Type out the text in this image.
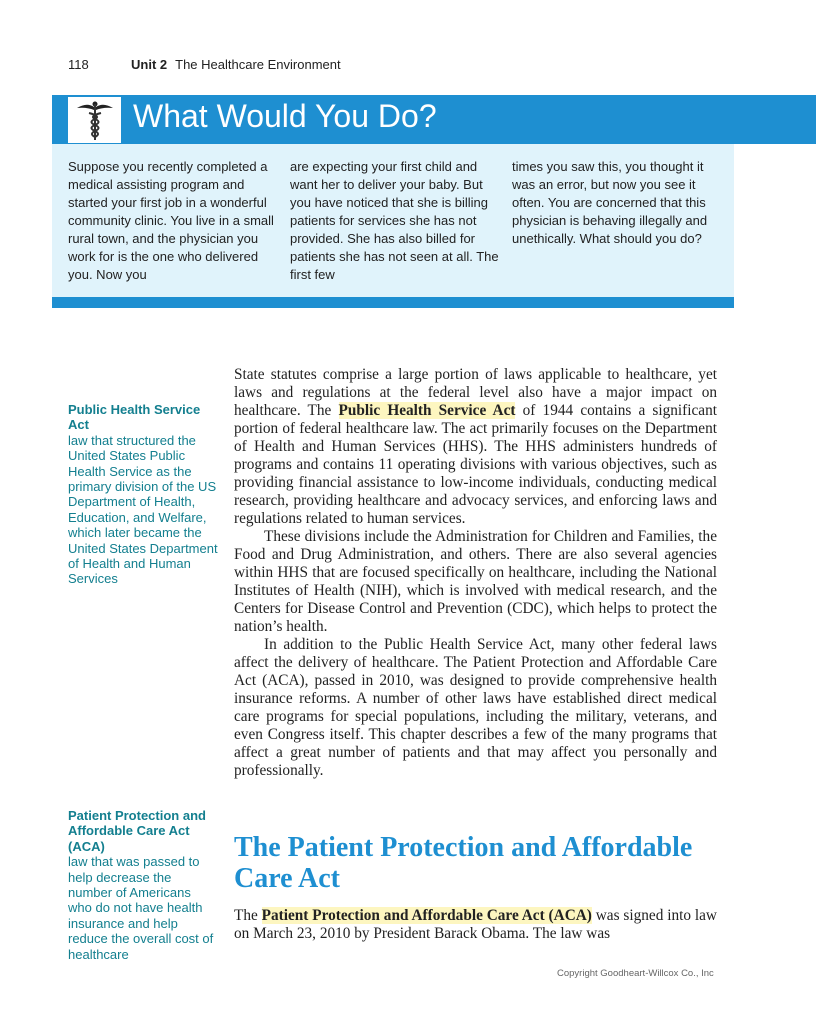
118	Unit 2 The Healthcare Environment
What Would You Do?
Suppose you recently completed a medical assisting program and started your first job in a wonderful community clinic. You live in a small rural town, and the physician you work for is the one who delivered you. Now you
are expecting your first child and want her to deliver your baby. But you have noticed that she is billing patients for services she has not provided. She has also billed for patients she has not seen at all. The first few
times you saw this, you thought it was an error, but now you see it often. You are concerned that this physician is behaving illegally and unethically. What should you do?
Public Health Service Act
law that structured the United States Public Health Service as the primary division of the US Department of Health, Education, and Welfare, which later became the United States Department of Health and Human Services
Patient Protection and Affordable Care Act (ACA)
law that was passed to help decrease the number of Americans who do not have health insurance and help reduce the overall cost of healthcare

State statutes comprise a large portion of laws applicable to healthcare, yet laws and regulations at the federal level also have a major impact on healthcare. The Public Health Service Act of 1944 contains a significant portion of federal healthcare law. The act primarily focuses on the Department of Health and Human Services (HHS). The HHS administers hundreds of programs and contains 11 operating divisions with various objectives, such as providing financial assistance to low-income individuals, conducting medical research, providing healthcare and advocacy services, and enforcing laws and regulations related to human services.

These divisions include the Administration for Children and Families, the Food and Drug Administration, and others. There are also several agencies within HHS that are focused specifically on healthcare, including the National Institutes of Health (NIH), which is involved with medical research, and the Centers for Disease Control and Prevention (CDC), which helps to protect the nation’s health.

In addition to the Public Health Service Act, many other federal laws affect the delivery of healthcare. The Patient Protection and Affordable Care Act (ACA), passed in 2010, was designed to provide comprehensive health insurance reforms. A number of other laws have established direct medical care programs for special populations, including the military, veterans, and even Congress itself. This chapter describes a few of the many programs that affect a great number of patients and that may affect you personally and professionally.

The Patient Protection and Affordable Care Act

The Patient Protection and Affordable Care Act (ACA) was signed into law on March 23, 2010 by President Barack Obama. The law was

Copyright Goodheart-Willcox Co., Inc
